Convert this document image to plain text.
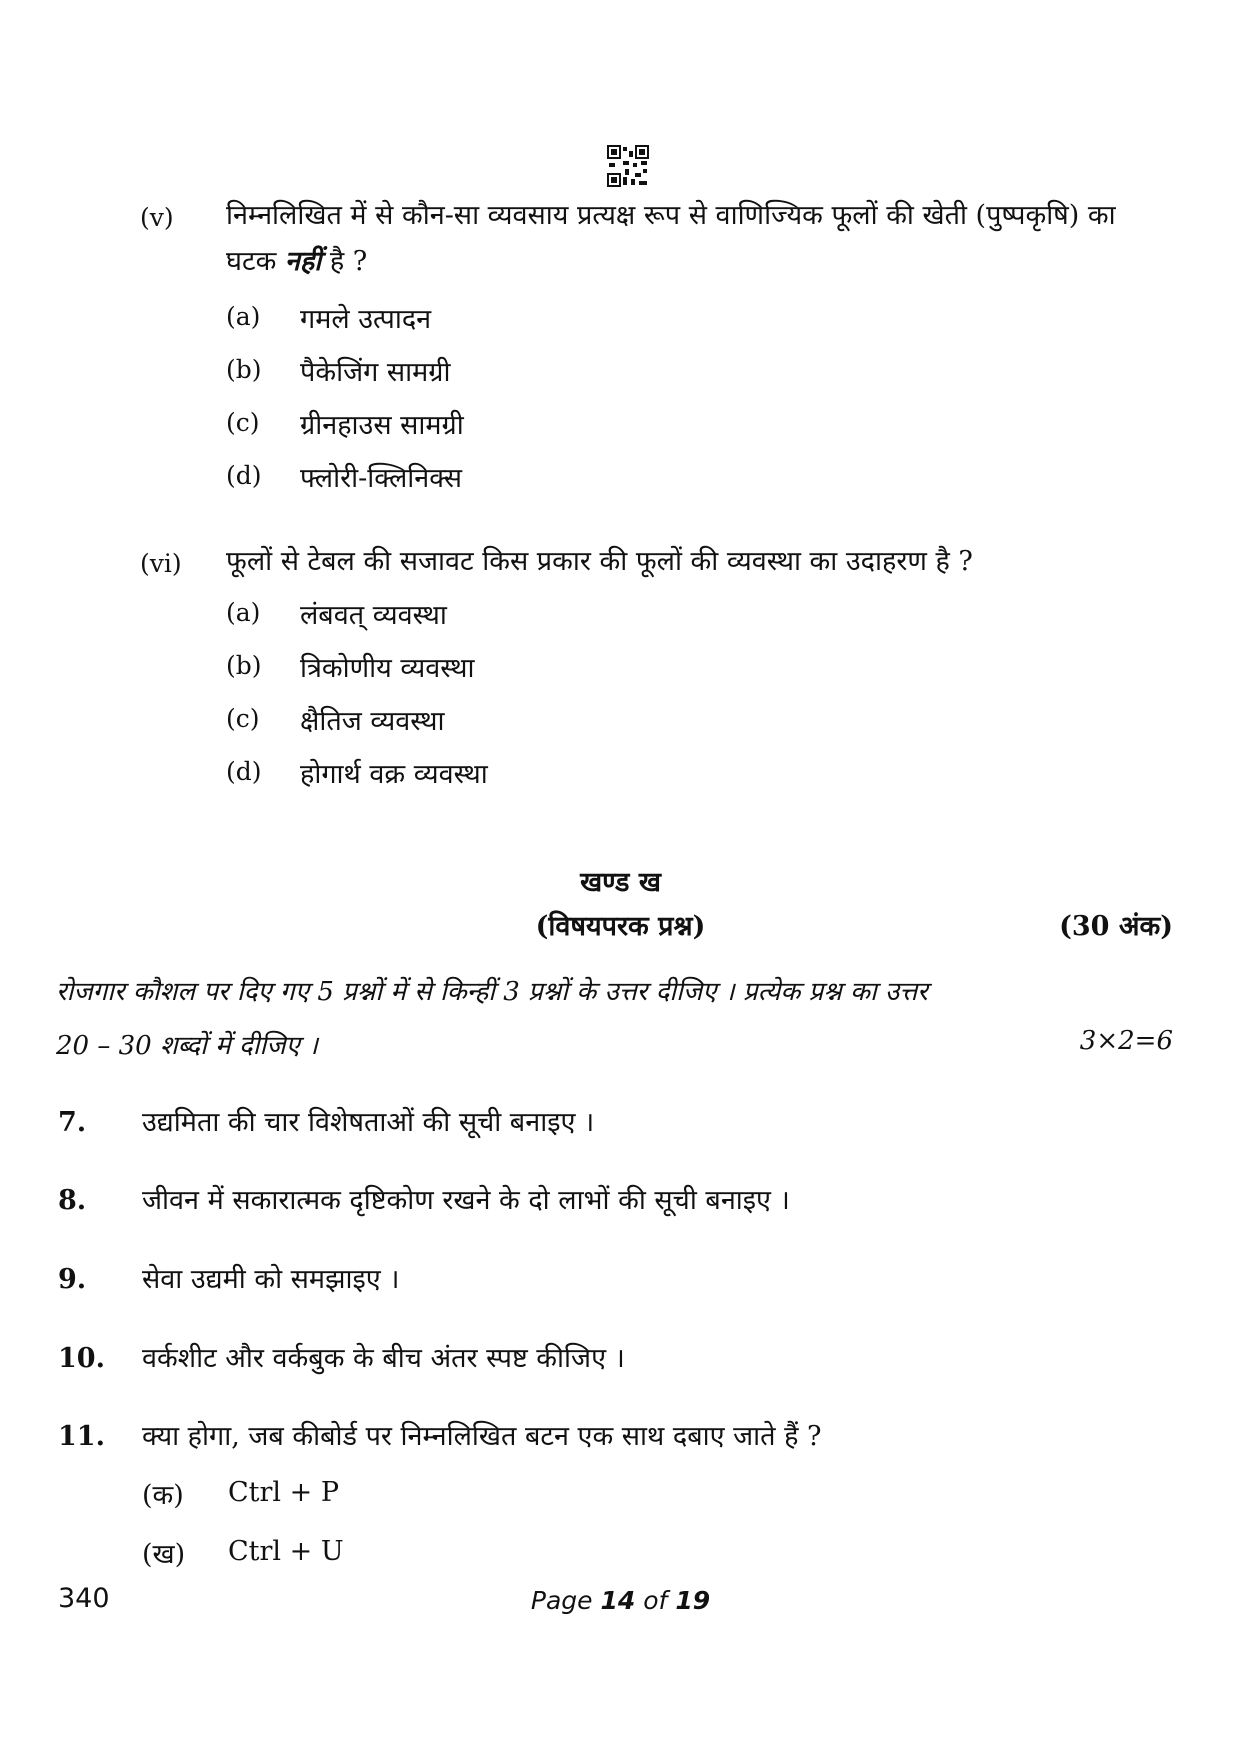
(v) निम्नलिखित में से कौन-सा व्यवसाय प्रत्यक्ष रूप से वाणिज्यिक फूलों की खेती (पुष्पकृषि) का घटक नहीं है ?
(a) गमले उत्पादन
(b) पैकेजिंग सामग्री
(c) ग्रीनहाउस सामग्री
(d) फ्लोरी-क्लिनिक्स
(vi) फूलों से टेबल की सजावट किस प्रकार की फूलों की व्यवस्था का उदाहरण है ?
(a) लंबवत् व्यवस्था
(b) त्रिकोणीय व्यवस्था
(c) क्षैतिज व्यवस्था
(d) होगार्थ वक्र व्यवस्था
खण्ड ख
(विषयपरक प्रश्न)	(30 अंक)
रोजगार कौशल पर दिए गए 5 प्रश्नों में से किन्हीं 3 प्रश्नों के उत्तर दीजिए । प्रत्येक प्रश्न का उत्तर
20 – 30 शब्दों में दीजिए ।	3×2=6
7. उद्यमिता की चार विशेषताओं की सूची बनाइए ।
8. जीवन में सकारात्मक दृष्टिकोण रखने के दो लाभों की सूची बनाइए ।
9. सेवा उद्यमी को समझाइए ।
10. वर्कशीट और वर्कबुक के बीच अंतर स्पष्ट कीजिए ।
11. क्या होगा, जब कीबोर्ड पर निम्नलिखित बटन एक साथ दबाए जाते हैं ?
(क) Ctrl + P
(ख) Ctrl + U
340	Page 14 of 19
